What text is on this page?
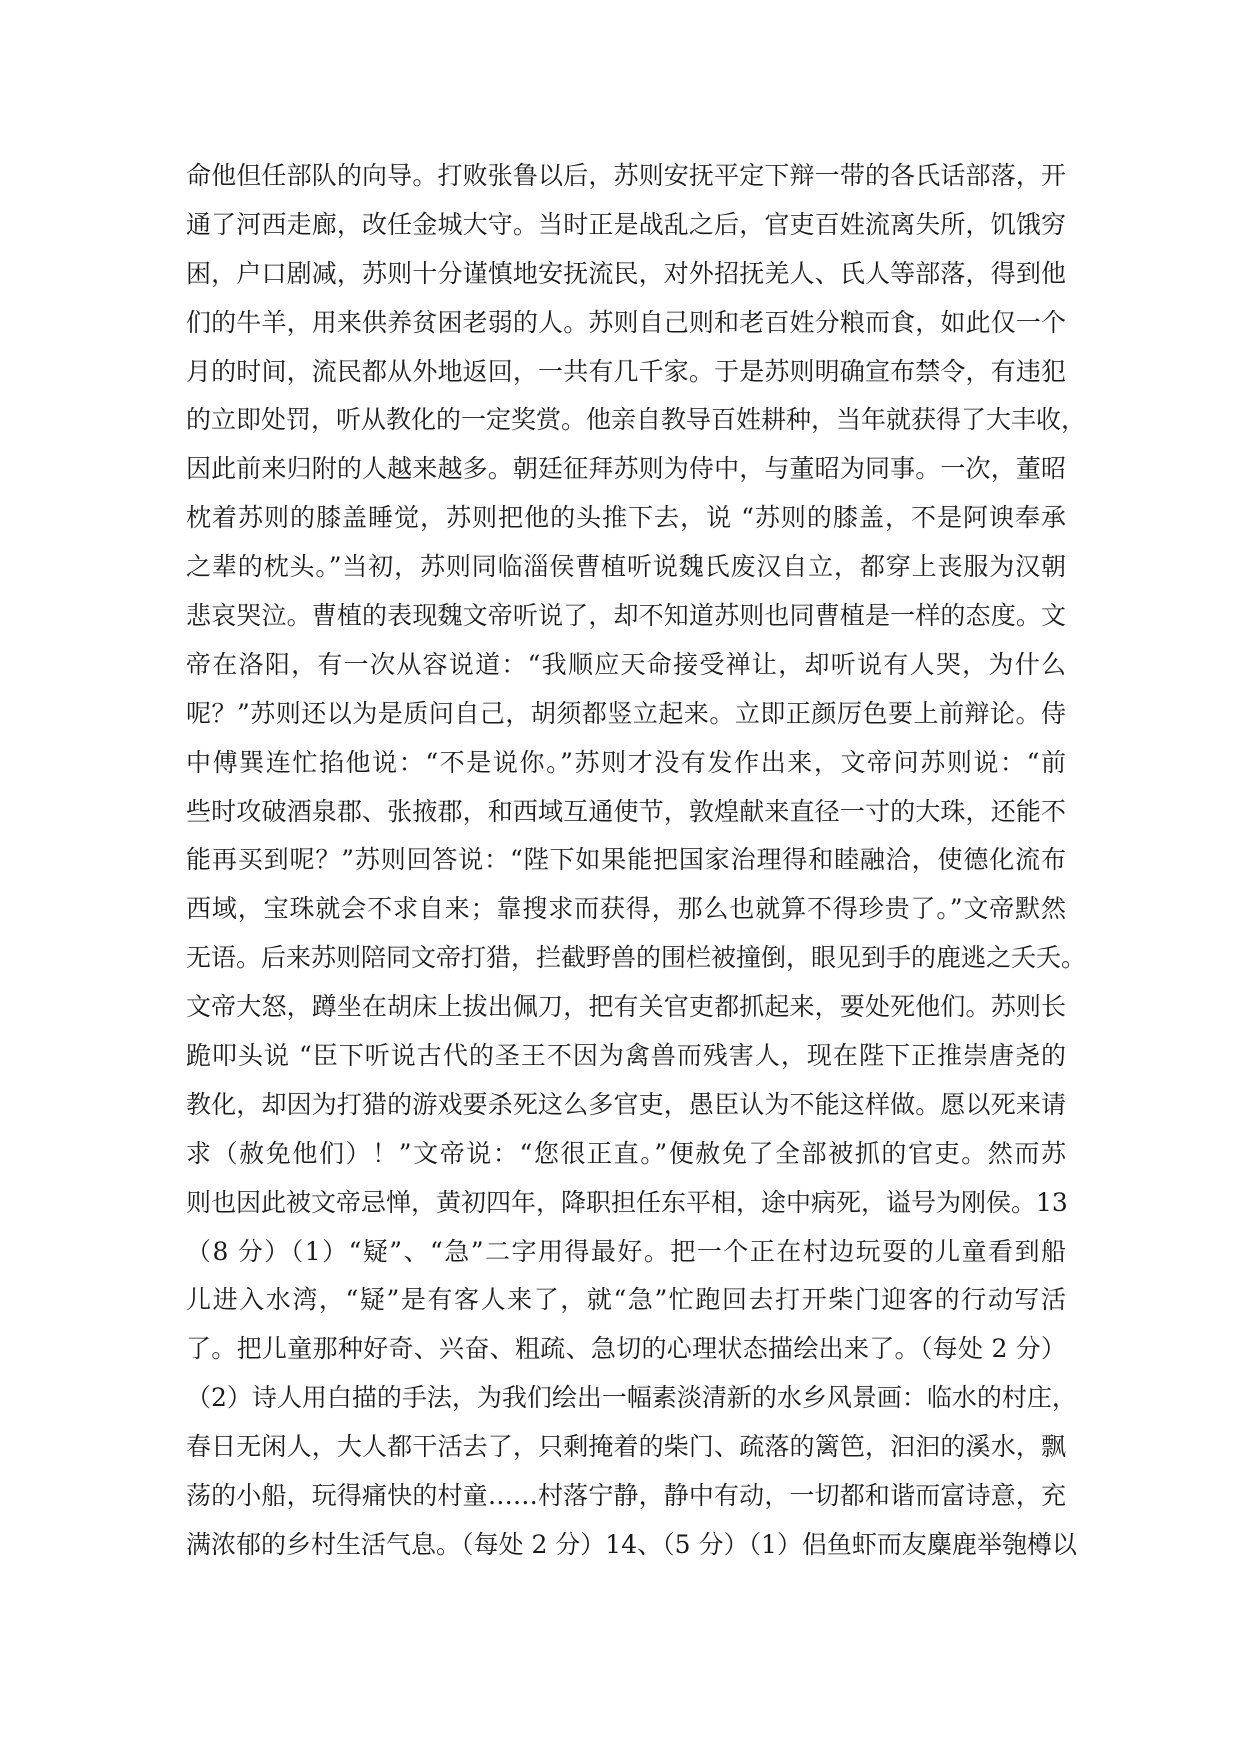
命他但任部队的向导。打败张鲁以后，苏则安抚平定下辩一带的各氏话部落，开
通了河西走廊，改任金城大守。当时正是战乱之后，官吏百姓流离失所，饥饿穷
困，户口剧减，苏则十分谨慎地安抚流民，对外招抚羌人、氏人等部落，得到他
们的牛羊，用来供养贫困老弱的人。苏则自己则和老百姓分粮而食，如此仅一个
月的时间，流民都从外地返回，一共有几千家。于是苏则明确宣布禁令，有违犯
的立即处罚，听从教化的一定奖赏。他亲自教导百姓耕种，当年就获得了大丰收，
因此前来归附的人越来越多。朝廷征拜苏则为侍中，与董昭为同事。一次，董昭
枕着苏则的膝盖睡觉，苏则把他的头推下去，说 “苏则的膝盖，不是阿谀奉承
之辈的枕头。”当初，苏则同临淄侯曹植听说魏氏废汉自立，都穿上丧服为汉朝
悲哀哭泣。曹植的表现魏文帝听说了，却不知道苏则也同曹植是一样的态度。文
帝在洛阳，有一次从容说道：“我顺应天命接受禅让，却听说有人哭，为什么
呢？”苏则还以为是质问自己，胡须都竖立起来。立即正颜厉色要上前辩论。侍
中傅巽连忙掐他说：“不是说你。”苏则才没有发作出来，文帝问苏则说：“前
些时攻破酒泉郡、张掖郡，和西域互通使节，敦煌献来直径一寸的大珠，还能不
能再买到呢？”苏则回答说：“陛下如果能把国家治理得和睦融洽，使德化流布
西域，宝珠就会不求自来；靠搜求而获得，那么也就算不得珍贵了。”文帝默然
无语。后来苏则陪同文帝打猎，拦截野兽的围栏被撞倒，眼见到手的鹿逃之夭夭。
文帝大怒，蹲坐在胡床上拔出佩刀，把有关官吏都抓起来，要处死他们。苏则长
跪叩头说 “臣下听说古代的圣王不因为禽兽而残害人，现在陛下正推崇唐尧的
教化，却因为打猎的游戏要杀死这么多官吏，愚臣认为不能这样做。愿以死来请
求（赦免他们）！”文帝说：“您很正直。”便赦免了全部被抓的官吏。然而苏
则也因此被文帝忌惮，黄初四年，降职担任东平相，途中病死，谥号为刚侯。13
（8 分）（1）“疑”、“急”二字用得最好。把一个正在村边玩耍的儿童看到船
儿进入水湾，“疑”是有客人来了，就“急”忙跑回去打开柴门迎客的行动写活
了。把儿童那种好奇、兴奋、粗疏、急切的心理状态描绘出来了。（每处 2 分）
（2）诗人用白描的手法，为我们绘出一幅素淡清新的水乡风景画：临水的村庄，
春日无闲人，大人都干活去了，只剩掩着的柴门、疏落的篱笆，汩汩的溪水，飘
荡的小船，玩得痛快的村童……村落宁静，静中有动，一切都和谐而富诗意，充
满浓郁的乡村生活气息。（每处 2 分）14、（5 分）（1）侣鱼虾而友麋鹿举匏樽以
